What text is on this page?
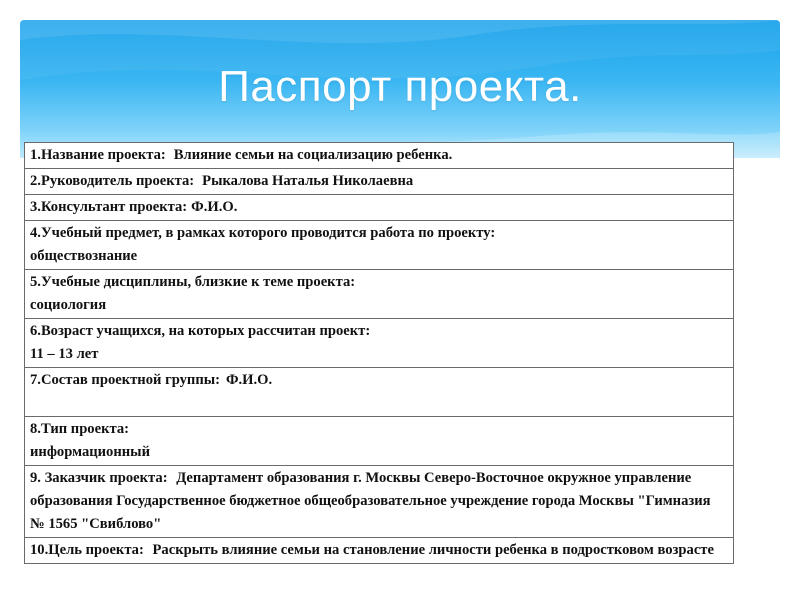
Паспорт проекта.
1.Название проекта: Влияние семьи на социализацию ребенка.
2.Руководитель проекта: Рыкалова Наталья Николаевна
3.Консультант проекта: Ф.И.О.

4.Учебный предмет, в рамках которого проводится работа по проекту:
обществознание

5.Учебные дисциплины, близкие к теме проекта:
социология

6.Возраст учащихся, на которых рассчитан проект:
11 – 13 лет

7.Состав проектной группы: Ф.И.О.

8.Тип проекта:
информационный

9. Заказчик проекта: Департамент образования г. Москвы Северо-Восточное окружное управление образования Государственное бюджетное общеобразовательное учреждение города Москвы "Гимназия № 1565 "Свиблово"
10.Цель проекта: Раскрыть влияние семьи на становление личности ребенка в подростковом возрасте
